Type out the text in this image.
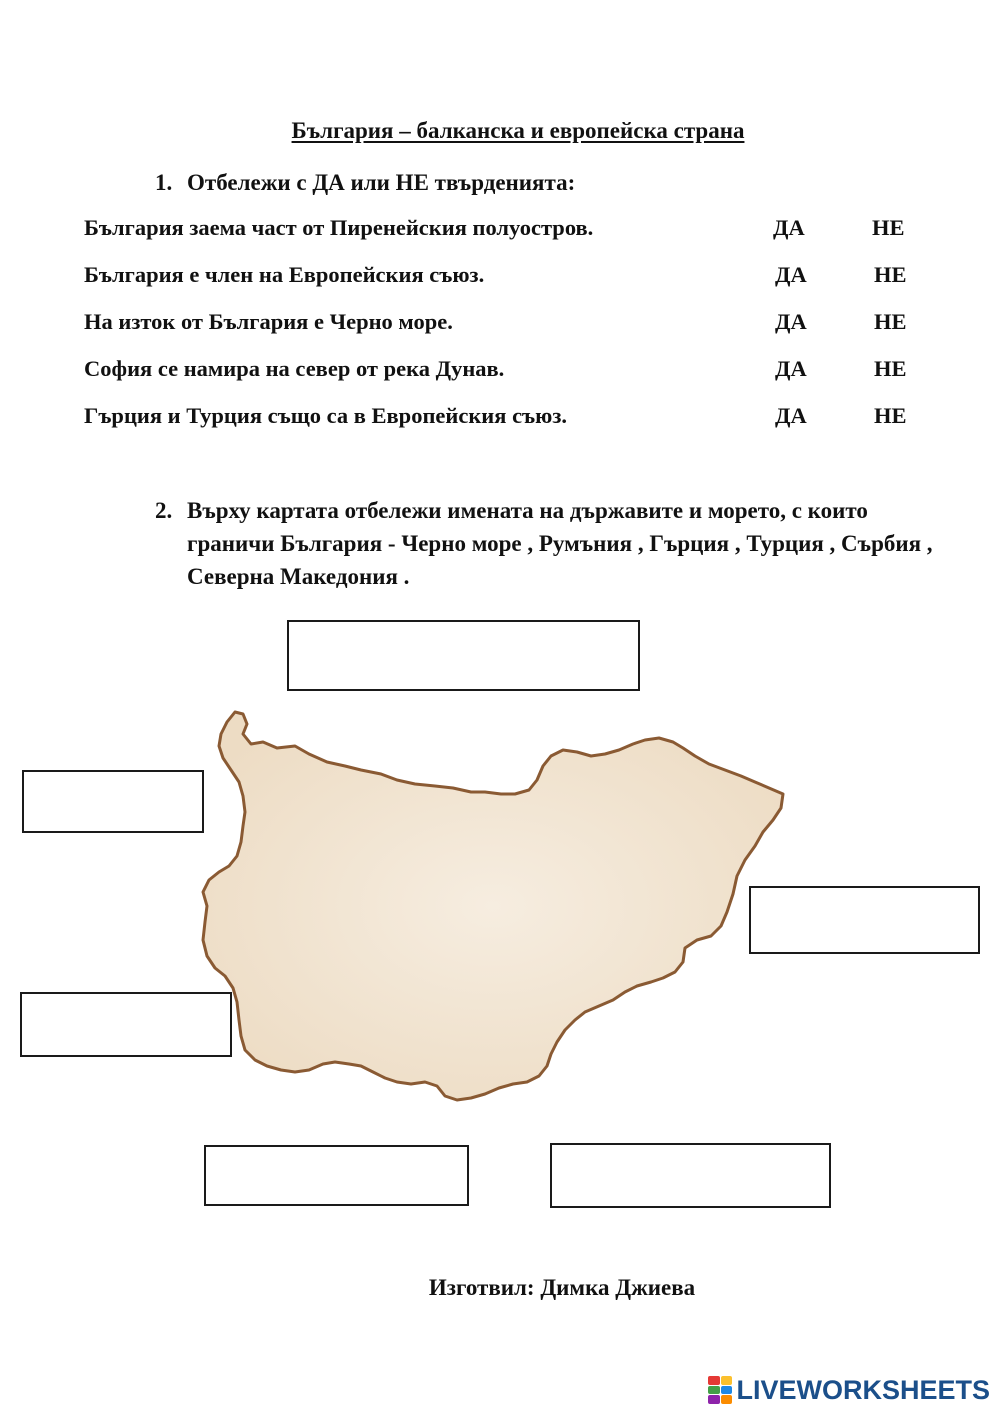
България – балканска и европейска страна
1. Отбележи с ДА или НЕ твърденията:
България заема част от Пиренейския полуостров.	ДА	НЕ
България е член на Европейския съюз.	ДА	НЕ
На изток от България е Черно море.	ДА	НЕ
София се намира на север от река Дунав.	ДА	НЕ
Гърция и Турция също са в Европейския съюз.	ДА	НЕ
2. Върху картата отбележи имената на държавите и морето, с които граничи България - Черно море , Румъния , Гърция , Турция , Сърбия , Северна Македония .
Изготвил: Димка Джиева
LIVEWORKSHEETS
